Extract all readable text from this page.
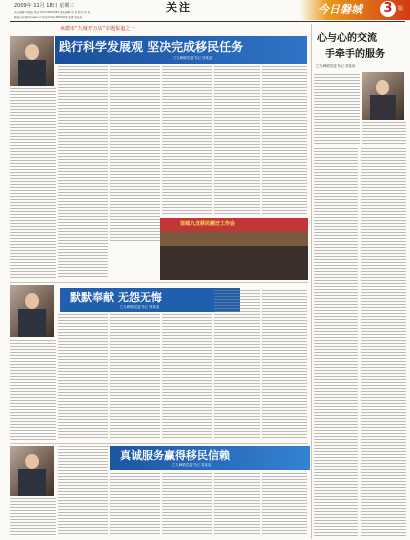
2009年 11月 18日 星期三
责任编辑:卓艳霞 电话:0314-8801664 美术编辑:卓 某 校对:卓 某
邮箱:jrpc@hbnews.cn 电话:0314-8801664 照排:刘某某
关注	今日磐城 3	版
承德市“九城开万店”专题报道之一
践行科学发展观 坚决完成移民任务
□九峰镇党委书记 刘某某
坚城九龙移民搬迁工作会
心与心的交流
手牵手的服务
□九峰镇党委书记 刘某某
默默奉献 无怨无悔
□九峰镇党委书记 刘某某
真诚服务赢得移民信赖
□九峰镇党委书记 刘某某
